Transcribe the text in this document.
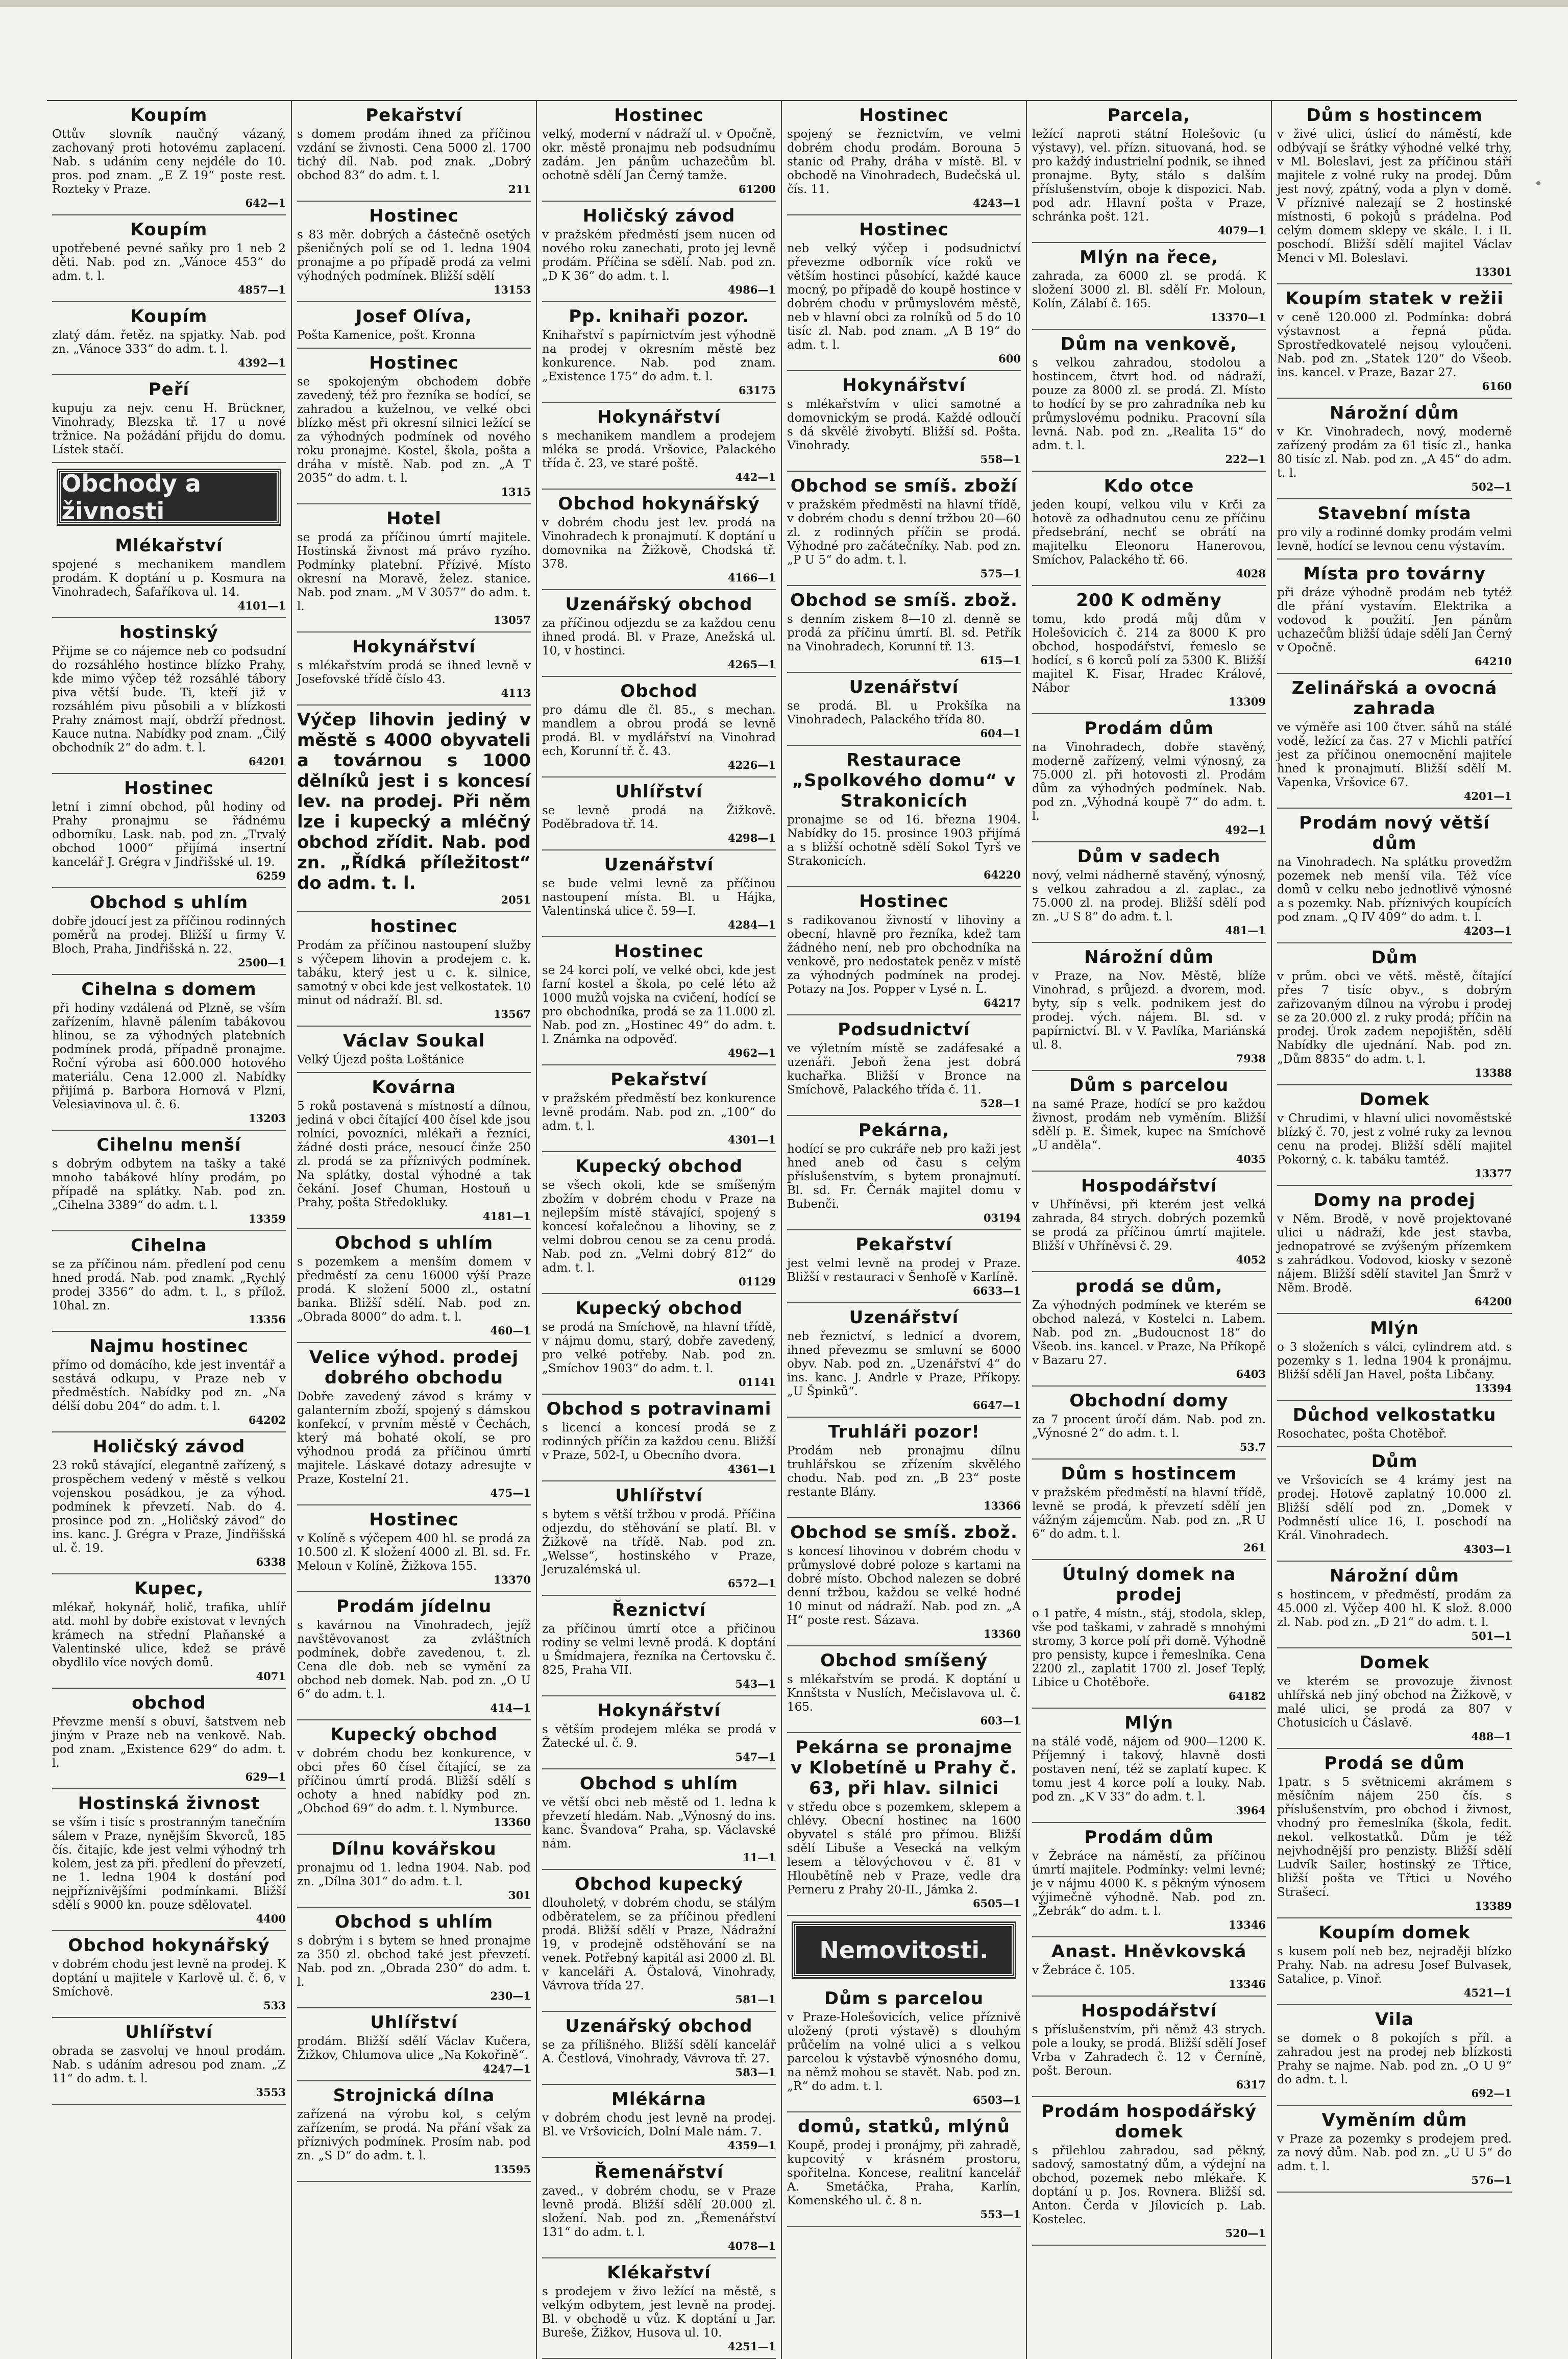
Koupím

Ottův slovník naučný vázaný, zachovaný proti hotovému zaplacení. Nab. s udáním ceny nejdéle do 10. pros. pod znam. „E Z 19“ poste rest. Rozteky v Praze.

642—1
Koupím

upotřebené pevné saňky pro 1 neb 2 děti. Nab. pod zn. „Vánoce 453“ do adm. t. l.

4857—1
Koupím

zlatý dám. řetěz. na spjatky. Nab. pod zn. „Vánoce 333“ do adm. t. l.

4392—1
Peří

kupuju za nejv. cenu H. Brückner, Vinohrady, Blezska tř. 17 u nové tržnice. Na požádání přijdu do domu. Lístek stačí.

Obchody a živnosti
Mlékařství

spojené s mechanikem mandlem prodám. K doptání u p. Kosmura na Vinohradech, Šafaříkova ul. 14.

4101—1
hostinský

Přijme se co nájemce neb co podsudní do rozsáhlého hostince blízko Prahy, kde mimo výčep též rozsáhlé tábory piva větší bude. Ti, kteří již v rozsáhlém pivu působili a v blízkosti Prahy známost mají, obdrží přednost. Kauce nutna. Nabídky pod znam. „Čilý obchodník 2“ do adm. t. l.

64201
Hostinec

letní i zimní obchod, půl hodiny od Prahy pronajmu se řádnému odborníku. Lask. nab. pod zn. „Trvalý obchod 1000“ přijímá insertní kancelář J. Grégra v Jindřišské ul. 19.

6259
Obchod s uhlím

dobře jdoucí jest za příčinou rodinných poměrů na prodej. Bližší u firmy V. Bloch, Praha, Jindřišská n. 22.

2500—1
Cihelna s domem

při hodiny vzdálená od Plzně, se vším zařízením, hlavně pálením tabákovou hlinou, se za výhodných platebních podmínek prodá, případně pronajme. Roční výroba asi 600.000 hotového materiálu. Cena 12.000 zl. Nabídky přijímá p. Barbora Hornová v Plzni, Velesiavinova ul. č. 6.

13203
Cihelnu menší

s dobrým odbytem na tašky a také mnoho tabákové hlíny prodám, po případě na splátky. Nab. pod zn. „Cihelna 3389“ do adm. t. l.

13359
Cihelna

se za příčinou nám. předlení pod cenu hned prodá. Nab. pod znamk. „Rychlý prodej 3356“ do adm. t. l., s přílož. 10hal. zn.

13356
Najmu hostinec

přímo od domácího, kde jest inventář a sestává odkupu, v Praze neb v předměstích. Nabídky pod zn. „Na délší dobu 204“ do adm. t. l.

64202
Holičský závod

23 roků stávající, elegantně zařízený, s prospěchem vedený v městě s velkou vojenskou posádkou, je za výhod. podmínek k převzetí. Nab. do 4. prosince pod zn. „Holičský závod“ do ins. kanc. J. Grégra v Praze, Jindřišská ul. č. 19.

6338
Kupec,

mlékař, hokynář, holič, trafika, uhlíř atd. mohl by dobře existovat v levných krámech na střední Plaňanské a Valentinské ulice, kdež se právě obydlilo více nových domů.

4071
obchod

Převzme menší s obuví, šatstvem neb jiným v Praze neb na venkově. Nab. pod znam. „Existence 629“ do adm. t. l.

629—1
Hostinská živnost

se vším i tisíc s prostranným tanečním sálem v Praze, nynějším Skvorců, 185 čís. čitajíc, kde jest velmi výhodný trh kolem, jest za při. předlení do převzetí, ne 1. ledna 1904 k dostání pod nejpříznivějšími podmínkami. Bližší sdělí s 9000 kn. pouze sdělovatel.

4400
Obchod hokynářský

v dobrém chodu jest levně na prodej. K doptání u majitele v Karlově ul. č. 6, v Smíchově.

533
Uhlířství

obrada se zasvoluj ve hnoul prodám. Nab. s udáním adresou pod znam. „Z 11“ do adm. t. l.

3553
Pekařství

s domem prodám ihned za příčinou vzdání se živnosti. Cena 5000 zl. 1700 tichý díl. Nab. pod znak. „Dobrý obchod 83“ do adm. t. l.

211
Hostinec

s 83 měr. dobrých a částečně osetých pšeničných polí se od 1. ledna 1904 pronajme a po případě prodá za velmi výhodných podmínek. Bližší sdělí

13153
Josef Olíva,

Pošta Kamenice, pošt. Kronna

Hostinec

se spokojeným obchodem dobře zavedený, též pro řezníka se hodící, se zahradou a kuželnou, ve velké obci blízko měst při okresní silnici ležící se za výhodných podmínek od nového roku pronajme. Kostel, škola, pošta a dráha v místě. Nab. pod zn. „A T 2035“ do adm. t. l.

1315
Hotel

se prodá za příčinou úmrtí majitele. Hostinská živnost má právo ryzího. Podmínky platební. Přízivé. Místo okresní na Moravě, želez. stanice. Nab. pod znam. „M V 3057“ do adm. t. l.

13057
Hokynářství

s mlékařstvím prodá se ihned levně v Josefovské třídě číslo 43.

4113

Výčep lihovin jediný v městě s 4000 obyvateli a továrnou s 1000 dělníků jest i s koncesí lev. na prodej. Při něm lze i kupecký a mléčný obchod zřídit. Nab. pod zn. „Řídká příležitost“ do adm. t. l.

2051
hostinec

Prodám za příčinou nastoupení služby s výčepem lihovin a prodejem c. k. tabáku, který jest u c. k. silnice, samotný v obci kde jest velkostatek. 10 minut od nádraží. Bl. sd.

13567
Václav Soukal

Velký Újezd pošta Loštánice

Kovárna

5 roků postavená s místností a dílnou, jediná v obci čítající 400 čísel kde jsou rolníci, povozníci, mlékaři a řezníci, žádné dosti práce, nesoucí činže 250 zl. prodá se za příznivých podmínek. Na splátky, dostal výhodné a tak čekání. Josef Chuman, Hostouň u Prahy, pošta Středokluky.

4181—1
Obchod s uhlím

s pozemkem a menším domem v předměstí za cenu 16000 výší Praze prodá. K složení 5000 zl., ostatní banka. Bližší sdělí. Nab. pod zn. „Obrada 8000“ do adm. t. l.

460—1
Velice výhod. prodej dobrého obchodu

Dobře zavedený závod s krámy v galanterním zboží, spojený s dámskou konfekcí, v prvním městě v Čechách, který má bohaté okolí, se pro výhodnou prodá za příčinou úmrtí majitele. Láskavé dotazy adresujte v Praze, Kostelní 21.

475—1
Hostinec

v Kolíně s výčepem 400 hl. se prodá za 10.500 zl. K složení 4000 zl. Bl. sd. Fr. Meloun v Kolíně, Žižkova 155.

13370
Prodám jídelnu

s kavárnou na Vinohradech, jejíž navštěvovanost za zvláštních podmínek, dobře zavedenou, t. zl. Cena dle dob. neb se vymění za obchod neb domek. Nab. pod zn. „O U 6“ do adm. t. l.

414—1
Kupecký obchod

v dobrém chodu bez konkurence, v obci přes 60 čísel čítající, se za příčinou úmrtí prodá. Bližší sdělí s ochoty a hned nabídky pod zn. „Obchod 69“ do adm. t. l. Nymburce.

13360
Dílnu kovářskou

pronajmu od 1. ledna 1904. Nab. pod zn. „Dílna 301“ do adm. t. l.

301
Obchod s uhlím

s dobrým i s bytem se hned pronajme za 350 zl. obchod také jest převzetí. Nab. pod zn. „Obrada 230“ do adm. t. l.

230—1
Uhlířství

prodám. Bližší sdělí Václav Kučera, Žižkov, Chlumova ulice „Na Kokořině“.

4247—1
Strojnická dílna

zařízená na výrobu kol, s celým zařízením, se prodá. Na přání však za příznivých podmínek. Prosím nab. pod zn. „S D“ do adm. t. l.

13595
Hostinec

velký, moderní v nádraží ul. v Opočně, okr. městě pronajmu neb podsudnímu zadám. Jen pánům uchazečům bl. ochotně sdělí Jan Černý tamže.

61200
Holičský závod

v pražském předměstí jsem nucen od nového roku zanechati, proto jej levně prodám. Příčina se sdělí. Nab. pod zn. „D K 36“ do adm. t. l.

4986—1
Pp. knihaři pozor.

Knihařství s papírnictvím jest výhodně na prodej v okresním městě bez konkurence. Nab. pod znam. „Existence 175“ do adm. t. l.

63175
Hokynářství

s mechanikem mandlem a prodejem mléka se prodá. Vršovice, Palackého třída č. 23, ve staré poště.

442—1
Obchod hokynářský

v dobrém chodu jest lev. prodá na Vinohradech k pronajmutí. K doptání u domovnika na Žižkově, Chodská tř. 378.

4166—1
Uzenářský obchod

za příčinou odjezdu se za každou cenu ihned prodá. Bl. v Praze, Anežská ul. 10, v hostinci.

4265—1
Obchod

pro dámu dle čl. 85., s mechan. mandlem a obrou prodá se levně prodá. Bl. v mydlářství na Vinohrad ech, Korunní tř. č. 43.

4226—1
Uhlířství

se levně prodá na Žižkově. Poděbradova tř. 14.

4298—1
Uzenářství

se bude velmi levně za příčinou nastoupení místa. Bl. u Hájka, Valentinská ulice č. 59—I.

4284—1
Hostinec

se 24 korci polí, ve velké obci, kde jest farní kostel a škola, po celé léto až 1000 mužů vojska na cvičení, hodící se pro obchodníka, prodá se za 11.000 zl. Nab. pod zn. „Hostinec 49“ do adm. t. l. Známka na odpověď.

4962—1
Pekařství

v pražském předměstí bez konkurence levně prodám. Nab. pod zn. „100“ do adm. t. l.

4301—1
Kupecký obchod

se všech okoli, kde se smíšeným zbožím v dobrém chodu v Praze na nejlepším místě stávající, spojený s koncesí kořalečnou a lihoviny, se z velmi dobrou cenou se za cenu prodá. Nab. pod zn. „Velmi dobrý 812“ do adm. t. l.

01129
Kupecký obchod

se prodá na Smíchově, na hlavní třídě, v nájmu domu, starý, dobře zavedený, pro velké potřeby. Nab. pod zn. „Smíchov 1903“ do adm. t. l.

01141
Obchod s potravinami

s licencí a koncesí prodá se z rodinných příčin za každou cenu. Bližší v Praze, 502-I, u Obecního dvora.

4361—1
Uhlířství

s bytem s větší tržbou v prodá. Příčina odjezdu, do stěhování se platí. Bl. v Žižkově na třídě. Nab. pod zn. „Welsse“, hostinského v Praze, Jeruzalémská ul.

6572—1
Řeznictví

za příčinou úmrtí otce a přičinou rodiny se velmi levně prodá. K doptání u Šmídmajera, řezníka na Čertovsku č. 825, Praha VII.

543—1
Hokynářství

s větším prodejem mléka se prodá v Žatecké ul. č. 9.

547—1
Obchod s uhlím

ve větší obci neb městě od 1. ledna k převzetí hledám. Nab. „Výnosný do ins. kanc. Švandova“ Praha, sp. Václavské nám.

11—1
Obchod kupecký

dlouholetý, v dobrém chodu, se stálým odběratelem, se za příčinou předlení prodá. Bližší sdělí v Praze, Nádražní 19, v prodejně odstěhování se na venek. Potřebný kapitál asi 2000 zl. Bl. v kanceláři A. Östalová, Vinohrady, Vávrova třída 27.

581—1
Uzenářský obchod

se za přílišného. Bližší sdělí kancelář A. Čestlová, Vinohrady, Vávrova tř. 27.

583—1
Mlékárna

v dobrém chodu jest levně na prodej. Bl. ve Vršovicích, Dolní Male nám. 7.

4359—1
Řemenářství

zaved., v dobrém chodu, se v Praze levně prodá. Bližší sdělí 20.000 zl. složení. Nab. pod zn. „Řemenářství 131“ do adm. t. l.

4078—1
Klékařství

s prodejem v živo ležící na městě, s velkým odbytem, jest levně na prodej. Bl. v obchodě u vůz. K doptání u Jar. Bureše, Žižkov, Husova ul. 10.

4251—1
Hostinec

spojený se řeznictvím, ve velmi dobrém chodu prodám. Borouna 5 stanic od Prahy, dráha v místě. Bl. v obchodě na Vinohradech, Budečská ul. čís. 11.

4243—1
Hostinec

neb velký výčep i podsudnictví převezme odborník více roků ve větším hostinci působící, každé kauce mocný, po případě do koupě hostince v dobrém chodu v průmyslovém městě, neb v hlavní obci za rolníků od 5 do 10 tisíc zl. Nab. pod znam. „A B 19“ do adm. t. l.

600
Hokynářství

s mlékařstvím v ulici samotné a domovnickým se prodá. Každé odloučí s dá skvělé živobytí. Bližší sd. Pošta. Vinohrady.

558—1
Obchod se smíš. zboží

v pražském předměstí na hlavní třídě, v dobrém chodu s denní tržbou 20—60 zl. z rodinných příčin se prodá. Výhodné pro začátečníky. Nab. pod zn. „P U 5“ do adm. t. l.

575—1
Obchod se smíš. zbož.

s denním ziskem 8—10 zl. denně se prodá za příčinu úmrtí. Bl. sd. Petřík na Vinohradech, Korunní tř. 13.

615—1
Uzenářství

se prodá. Bl. u Prokšíka na Vinohradech, Palackého třída 80.

604—1
Restaurace „Spolkového domu“ v Strakonicích

pronajme se od 16. března 1904. Nabídky do 15. prosince 1903 přijímá a s bližší ochotně sdělí Sokol Tyrš ve Strakonicích.

64220
Hostinec

s radikovanou živností v lihoviny a obecní, hlavně pro řezníka, kdež tam žádného není, neb pro obchodníka na venkově, pro nedostatek peněz v místě za výhodných podmínek na prodej. Potazy na Jos. Popper v Lysé n. L.

64217
Podsudnictví

ve výletním místě se zadáfesaké a uzenáři. Jeboň žena jest dobrá kuchařka. Bližší v Bronce na Smíchově, Palackého třída č. 11.

528—1
Pekárna,

hodící se pro cukráře neb pro kaži jest hned aneb od času s celým příslušenstvím, s bytem pronajmutí. Bl. sd. Fr. Černák majitel domu v Bubenči.

03194
Pekařství

jest velmi levně na prodej v Praze. Bližší v restauraci v Šenhofě v Karlíně.

6633—1
Uzenářství

neb řeznictví, s lednicí a dvorem, ihned převezmu se smluvní se 6000 obyv. Nab. pod zn. „Uzenářství 4“ do ins. kanc. J. Andrle v Praze, Příkopy. „U Špinků“.

6647—1
Truhláři pozor!

Prodám neb pronajmu dílnu truhlářskou se zřízením skvělého chodu. Nab. pod zn. „B 23“ poste restante Blány.

13366
Obchod se smíš. zbož.

s koncesí lihovinou v dobrém chodu v průmyslové dobré poloze s kartami na dobré místo. Obchod nalezen se dobré denní tržbou, každou se velké hodné 10 minut od nádraží. Nab. pod zn. „A H“ poste rest. Sázava.

13360
Obchod smíšený

s mlékařstvím se prodá. K doptání u Knnštsta v Nuslích, Mečislavova ul. č. 165.

603—1
Pekárna se pronajme v Klobetíně u Prahy č. 63, při hlav. silnici

v středu obce s pozemkem, sklepem a chlévy. Obecní hostinec na 1600 obyvatel s stálé pro přímou. Bližší sdělí Libuše a Vesecká na velkým lesem a tělovýchovou v č. 81 v Hloubětíně neb v Praze, vedle dra Perneru z Prahy 20-II., Jámka 2.

6505—1
Nemovitosti.
Dům s parcelou

v Praze-Holešovicích, velice příznivě uložený (proti výstavě) s dlouhým průčelím na volné ulici a s velkou parcelou k výstavbě výnosného domu, na němž mohou se stavět. Nab. pod zn. „R“ do adm. t. l.

6503—1
domů, statků, mlýnů

Koupě, prodej i pronájmy, při zahradě, kupcovitý v krásném prostoru, spořitelna. Koncese, realitní kancelář A. Smetáčka, Praha, Karlín, Komenského ul. č. 8 n.

553—1
Parcela,

ležící naproti státní Holešovic (u výstavy), vel. přízn. situovaná, hod. se pro každý industrielní podnik, se ihned pronajme. Byty, stálo s dalším příslušenstvím, oboje k dispozici. Nab. pod adr. Hlavní pošta v Praze, schránka pošt. 121.

4079—1
Mlýn na řece,

zahrada, za 6000 zl. se prodá. K složení 3000 zl. Bl. sdělí Fr. Moloun, Kolín, Zálabí č. 165.

13370—1
Dům na venkově,

s velkou zahradou, stodolou a hostincem, čtvrt hod. od nádraží, pouze za 8000 zl. se prodá. Zl. Místo to hodící by se pro zahradníka neb ku průmyslovému podniku. Pracovní síla levná. Nab. pod zn. „Realita 15“ do adm. t. l.

222—1
Kdo otce

jeden koupí, velkou vilu v Krči za hotově za odhadnutou cenu ze příčinu předsebrání, nechť se obrátí na majitelku Eleonoru Hanerovou, Smíchov, Palackého tř. 66.

4028
200 K odměny

tomu, kdo prodá můj dům v Holešovicích č. 214 za 8000 K pro obchod, hospodářství, řemeslo se hodící, s 6 korců polí za 5300 K. Bližší majitel K. Fisar, Hradec Králové, Nábor

13309
Prodám dům

na Vinohradech, dobře stavěný, moderně zařízený, velmi výnosný, za 75.000 zl. při hotovosti zl. Prodám dům za výhodných podmínek. Nab. pod zn. „Výhodná koupě 7“ do adm. t. l.

492—1
Dům v sadech

nový, velmi nádherně stavěný, výnosný, s velkou zahradou a zl. zaplac., za 75.000 zl. na prodej. Bližší sdělí pod zn. „U S 8“ do adm. t. l.

481—1
Nárožní dům

v Praze, na Nov. Městě, blíže Vinohrad, s průjezd. a dvorem, mod. byty, síp s velk. podnikem jest do prodej. vých. nájem. Bl. sd. v papírnictví. Bl. v V. Pavlíka, Mariánská ul. 8.

7938
Dům s parcelou

na samé Praze, hodící se pro každou živnost, prodám neb vyměním. Bližší sdělí p. E. Šimek, kupec na Smíchově „U anděla“.

4035
Hospodářství

v Uhříněvsi, při kterém jest velká zahrada, 84 strych. dobrých pozemků se prodá za příčinou úmrtí majitele. Bližší v Uhříněvsi č. 29.

4052
prodá se dům,

Za výhodných podmínek ve kterém se obchod nalezá, v Kostelci n. Labem. Nab. pod zn. „Budoucnost 18“ do Všeob. ins. kancel. v Praze, Na Příkopě v Bazaru 27.

6403
Obchodní domy

za 7 procent úročí dám. Nab. pod zn. „Výnosné 2“ do adm. t. l.

53.7
Dům s hostincem

v pražském předměstí na hlavní třídě, levně se prodá, k převzetí sdělí jen vážným zájemcům. Nab. pod zn. „R U 6“ do adm. t. l.

261
Útulný domek na prodej

o 1 patře, 4 místn., stáj, stodola, sklep, vše pod taškami, v zahradě s mnohými stromy, 3 korce polí při domě. Výhodně pro pensisty, kupce i řemeslníka. Cena 2200 zl., zaplatit 1700 zl. Josef Teplý, Libice u Chotěboře.

64182
Mlýn

na stálé vodě, nájem od 900—1200 K. Příjemný i takový, hlavně dosti postaven není, též se zaplatí kupec. K tomu jest 4 korce polí a louky. Nab. pod zn. „K V 33“ do adm. t. l.

3964
Prodám dům

v Žebráce na náměstí, za příčinou úmrtí majitele. Podmínky: velmi levné; je v nájmu 4000 K. s pěkným výnosem výjimečně výhodně. Nab. pod zn. „Žebrák“ do adm. t. l.

13346
Anast. Hněvkovská

v Žebráce č. 105.

13346
Hospodářství

s příslušenstvím, při němž 43 strych. pole a louky, se prodá. Bližší sdělí Josef Vrba v Zahradech č. 12 v Černíně, pošt. Beroun.

6317
Prodám hospodářský domek

s přilehlou zahradou, sad pěkný, sadový, samostatný dům, a výdejní na obchod, pozemek nebo mlékaře. K doptání u p. Jos. Rovnera. Bližší sd. Anton. Čerda v Jílovicích p. Lab. Kostelec.

520—1
Dům s hostincem

v živé ulici, úslicí do náměstí, kde odbývají se šrátky výhodné velké trhy, v Ml. Boleslavi, jest za příčinou stáří majitele z volné ruky na prodej. Dům jest nový, zpátný, voda a plyn v domě. V příznivé nalezají se 2 hostinské místnosti, 6 pokojů s prádelna. Pod celým domem sklepy ve skále. I. i II. poschodí. Bližší sdělí majitel Václav Menci v Ml. Boleslavi.

13301
Koupím statek v režii

v ceně 120.000 zl. Podmínka: dobrá výstavnost a řepná půda. Sprostředkovatelé nejsou vyloučeni. Nab. pod zn. „Statek 120“ do Všeob. ins. kancel. v Praze, Bazar 27.

6160
Nárožní dům

v Kr. Vinohradech, nový, moderně zařízený prodám za 61 tisíc zl., hanka 80 tisíc zl. Nab. pod zn. „A 45“ do adm. t. l.

502—1
Stavební místa

pro vily a rodinné domky prodám velmi levně, hodící se levnou cenu výstavím.

Místa pro továrny

při dráze výhodně prodám neb tytéž dle přání vystavím. Elektrika a vodovod k použití. Jen pánům uchazečům bližší údaje sdělí Jan Černý v Opočně.

64210
Zelinářská a ovocná zahrada

ve výměře asi 100 čtver. sáhů na stálé vodě, ležící za čas. 27 v Michli patřící jest za příčinou onemocnění majitele hned k pronajmutí. Bližší sdělí M. Vapenka, Vršovice 67.

4201—1
Prodám nový větší dům

na Vinohradech. Na splátku provedžm pozemek neb menší vila. Též více domů v celku nebo jednotlivě výnosné a s pozemky. Nab. příznivých koupících pod znam. „Q IV 409“ do adm. t. l.

4203—1
Dům

v prům. obci ve větš. městě, čítající přes 7 tisíc obyv., s dobrým zařizovaným dílnou na výrobu i prodej se za 20.000 zl. z ruky prodá; příčin na prodej. Úrok zadem nepojištěn, sdělí Nabídky dle ujednání. Nab. pod zn. „Dům 8835“ do adm. t. l.

13388
Domek

v Chrudimi, v hlavní ulici novoměstské blízký č. 70, jest z volné ruky za levnou cenu na prodej. Bližší sdělí majitel Pokorný, c. k. tabáku tamtéž.

13377
Domy na prodej

v Něm. Brodě, v nově projektované ulici u nádraží, kde jest stavba, jednopatrové se zvýšeným přízemkem s zahrádkou. Vodovod, kiosky v sezoně nájem. Bližší sdělí stavitel Jan Šmrž v Něm. Brodě.

64200
Mlýn

o 3 složeních s válci, cylindrem atd. s pozemky s 1. ledna 1904 k pronájmu. Bližší sdělí Jan Havel, pošta Libčany.

13394
Důchod velkostatku

Rosochatec, pošta Chotěboř.

Dům

ve Vršovicích se 4 krámy jest na prodej. Hotově zaplatný 10.000 zl. Bližší sdělí pod zn. „Domek v Podmněstí ulice 16, I. poschodí na Král. Vinohradech.

4303—1
Nárožní dům

s hostincem, v předměstí, prodám za 45.000 zl. Výčep 400 hl. K slož. 8.000 zl. Nab. pod zn. „D 21“ do adm. t. l.

501—1
Domek

ve kterém se provozuje živnost uhlířská neb jiný obchod na Žižkově, v malé ulici, se prodá za 807 v Chotusicích u Čáslavě.

488—1
Prodá se dům

1patr. s 5 světnicemi akrámem s měsíčním nájem 250 čís. s příslušenstvím, pro obchod i živnost, vhodný pro řemeslníka (škola, fedit. nekol. velkostatků. Dům je též nejvhodnější pro penzisty. Bližší sdělí Ludvík Sailer, hostinský ze Třtice, bližší pošta ve Třtici u Nového Strašecí.

13389
Koupím domek

s kusem polí neb bez, nejraději blízko Prahy. Nab. na adresu Josef Bulvasek, Satalice, p. Vinoř.

4521—1
Vila

se domek o 8 pokojích s příl. a zahradou jest na prodej neb blízkosti Prahy se najme. Nab. pod zn. „O U 9“ do adm. t. l.

692—1
Vyměním dům

v Praze za pozemky s prodejem pred. za nový dům. Nab. pod zn. „U U 5“ do adm. t. l.

576—1
